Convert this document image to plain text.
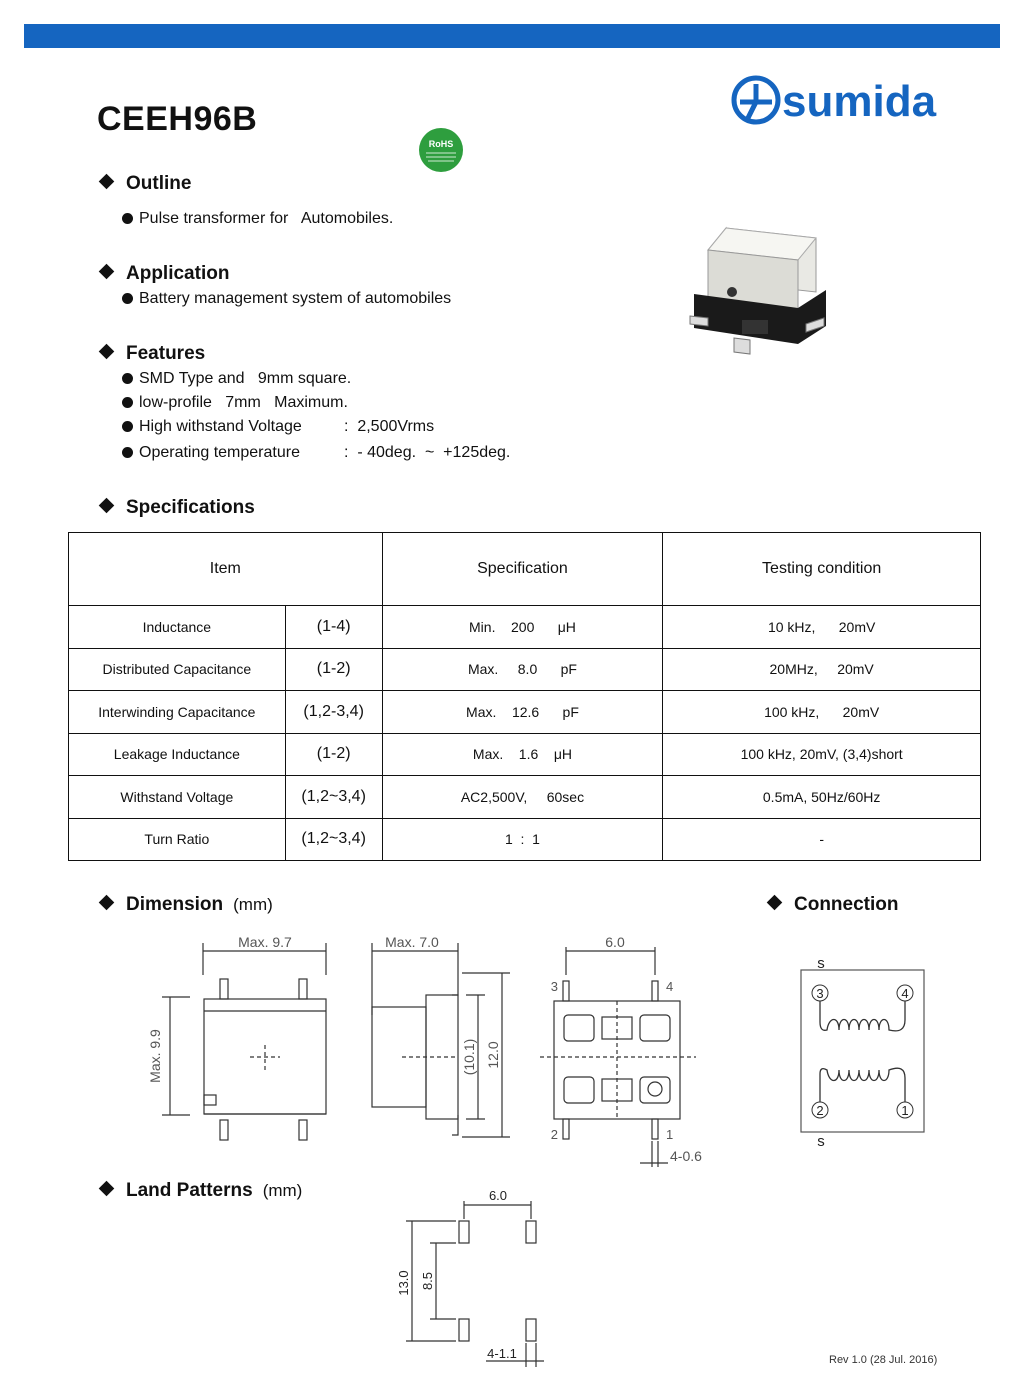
CEEH96B	sumida
RoHS
Outline
Pulse transformer for   Automobiles.
Application
Battery management system of automobiles
Features
SMD Type and   9mm square.
low-profile   7mm   Maximum.
High withstand Voltage	:  2,500Vrms
Operating temperature	:  - 40deg.  ~  +125deg.
Specifications
Item		Specification	Testing condition
Inductance	(1-4)	Min.    200      μH	10 kHz,      20mV
Distributed Capacitance	(1-2)	Max.     8.0      pF	20MHz,     20mV
Interwinding Capacitance	(1,2-3,4)	Max.    12.6      pF	100 kHz,      20mV
Leakage Inductance	(1-2)	Max.    1.6    μH	100 kHz, 20mV, (3,4)short
Withstand Voltage	(1,2~3,4)	AC2,500V,     60sec	0.5mA, 50Hz/60Hz
Turn Ratio	(1,2~3,4)	1  :  1	-
Dimension (mm)	Connection
Max. 9.7
Max. 9.9
Max. 7.0
(10.1) 12.0
6.0
3	4
2	1
4-0.6
s
s
3	4
2	1
Land Patterns (mm)	6.0
13.0 8.5
4-1.1	Rev 1.0 (28 Jul. 2016)
